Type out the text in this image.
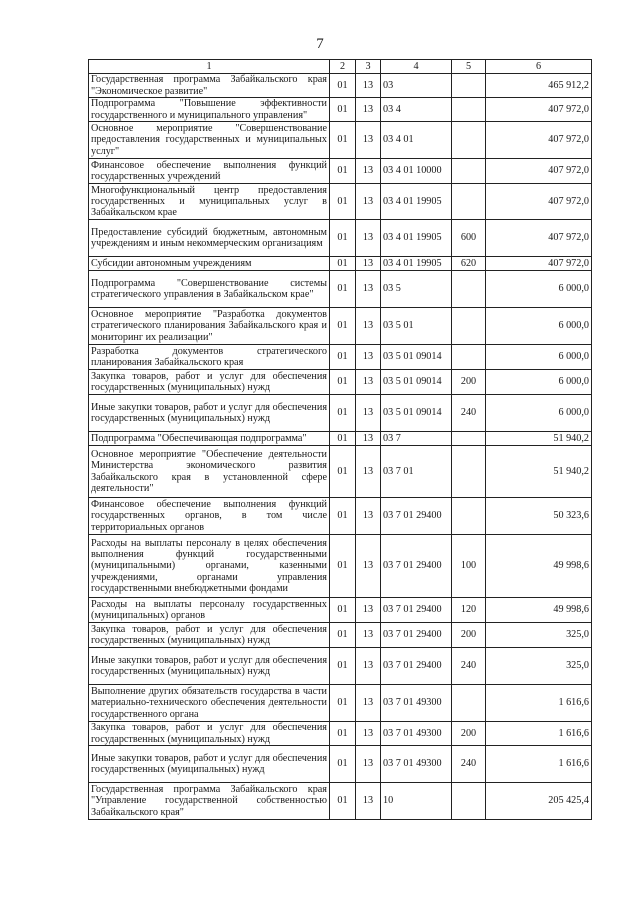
7
1	2	3	4	5	6
Государственная программа Забайкальского края "Экономическое развитие"	01	13	03		465 912,2
Подпрограмма "Повышение эффективности государственного и муниципального управления"	01	13	03 4		407 972,0
Основное мероприятие "Совершенствование предоставления государственных и муниципальных услуг"	01	13	03 4 01		407 972,0
Финансовое обеспечение выполнения функций государственных учреждений	01	13	03 4 01 10000		407 972,0
Многофункциональный центр предоставления государственных и муниципальных услуг в Забайкальском крае	01	13	03 4 01 19905		407 972,0
Предоставление субсидий бюджетным, автономным учреждениям и иным некоммерческим организациям	01	13	03 4 01 19905	600	407 972,0
Субсидии автономным учреждениям	01	13	03 4 01 19905	620	407 972,0
Подпрограмма "Совершенствование системы стратегического управления в Забайкальском крае"	01	13	03 5		6 000,0
Основное мероприятие "Разработка документов стратегического планирования Забайкальского края и мониторинг их реализации"	01	13	03 5 01		6 000,0
Разработка документов стратегического планирования Забайкальского края	01	13	03 5 01 09014		6 000,0
Закупка товаров, работ и услуг для обеспечения государственных (муниципальных) нужд	01	13	03 5 01 09014	200	6 000,0
Иные закупки товаров, работ и услуг для обеспечения государственных (муниципальных) нужд	01	13	03 5 01 09014	240	6 000,0
Подпрограмма "Обеспечивающая подпрограмма"	01	13	03 7		51 940,2
Основное мероприятие "Обеспечение деятельности Министерства экономического развития Забайкальского края в установленной сфере деятельности"	01	13	03 7 01		51 940,2
Финансовое обеспечение выполнения функций государственных органов, в том числе территориальных органов	01	13	03 7 01 29400		50 323,6
Расходы на выплаты персоналу в целях обеспечения выполнения функций государственными (муниципальными) органами, казенными учреждениями, органами управления государственными внебюджетными фондами	01	13	03 7 01 29400	100	49 998,6
Расходы на выплаты персоналу государственных (муниципальных) органов	01	13	03 7 01 29400	120	49 998,6
Закупка товаров, работ и услуг для обеспечения государственных (муниципальных) нужд	01	13	03 7 01 29400	200	325,0
Иные закупки товаров, работ и услуг для обеспечения государственных (муниципальных) нужд	01	13	03 7 01 29400	240	325,0
Выполнение других обязательств государства в части материально-технического обеспечения деятельности государственного органа	01	13	03 7 01 49300		1 616,6
Закупка товаров, работ и услуг для обеспечения государственных (муниципальных) нужд	01	13	03 7 01 49300	200	1 616,6
Иные закупки товаров, работ и услуг для обеспечения государственных (муиципальных) нужд	01	13	03 7 01 49300	240	1 616,6
Государственная программа Забайкальского края "Управление государственной собственностью Забайкальского края"	01	13	10		205 425,4
